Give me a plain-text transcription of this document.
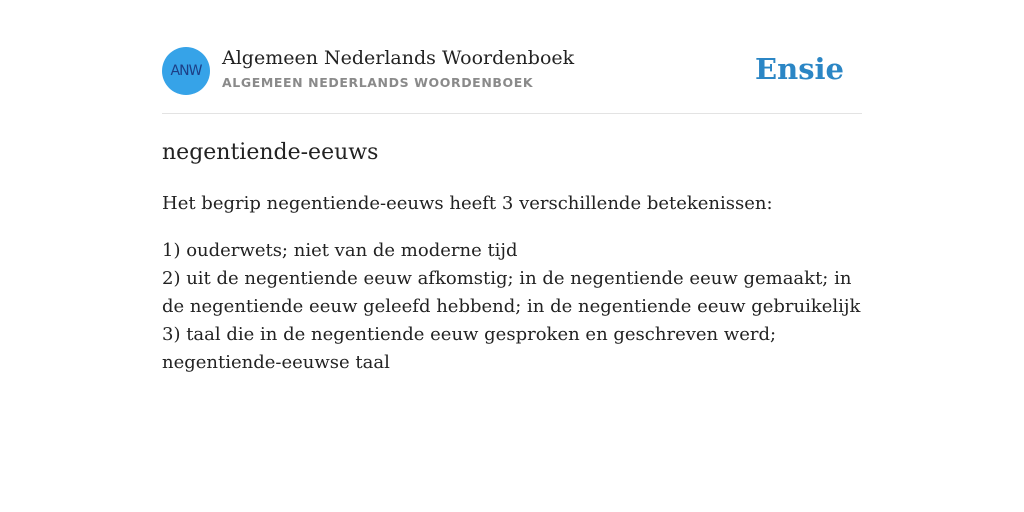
ANW
Algemeen Nederlands Woordenboek
ALGEMEEN NEDERLANDS WOORDENBOEK	Ensie
negentiende-eeuws

Het begrip negentiende-eeuws heeft 3 verschillende betekenissen:

1) ouderwets; niet van de moderne tijd
2) uit de negentiende eeuw afkomstig; in de negentiende eeuw gemaakt; in de negentiende eeuw geleefd hebbend; in de negentiende eeuw gebruikelijk
3) taal die in de negentiende eeuw gesproken en geschreven werd; negentiende-eeuwse taal
